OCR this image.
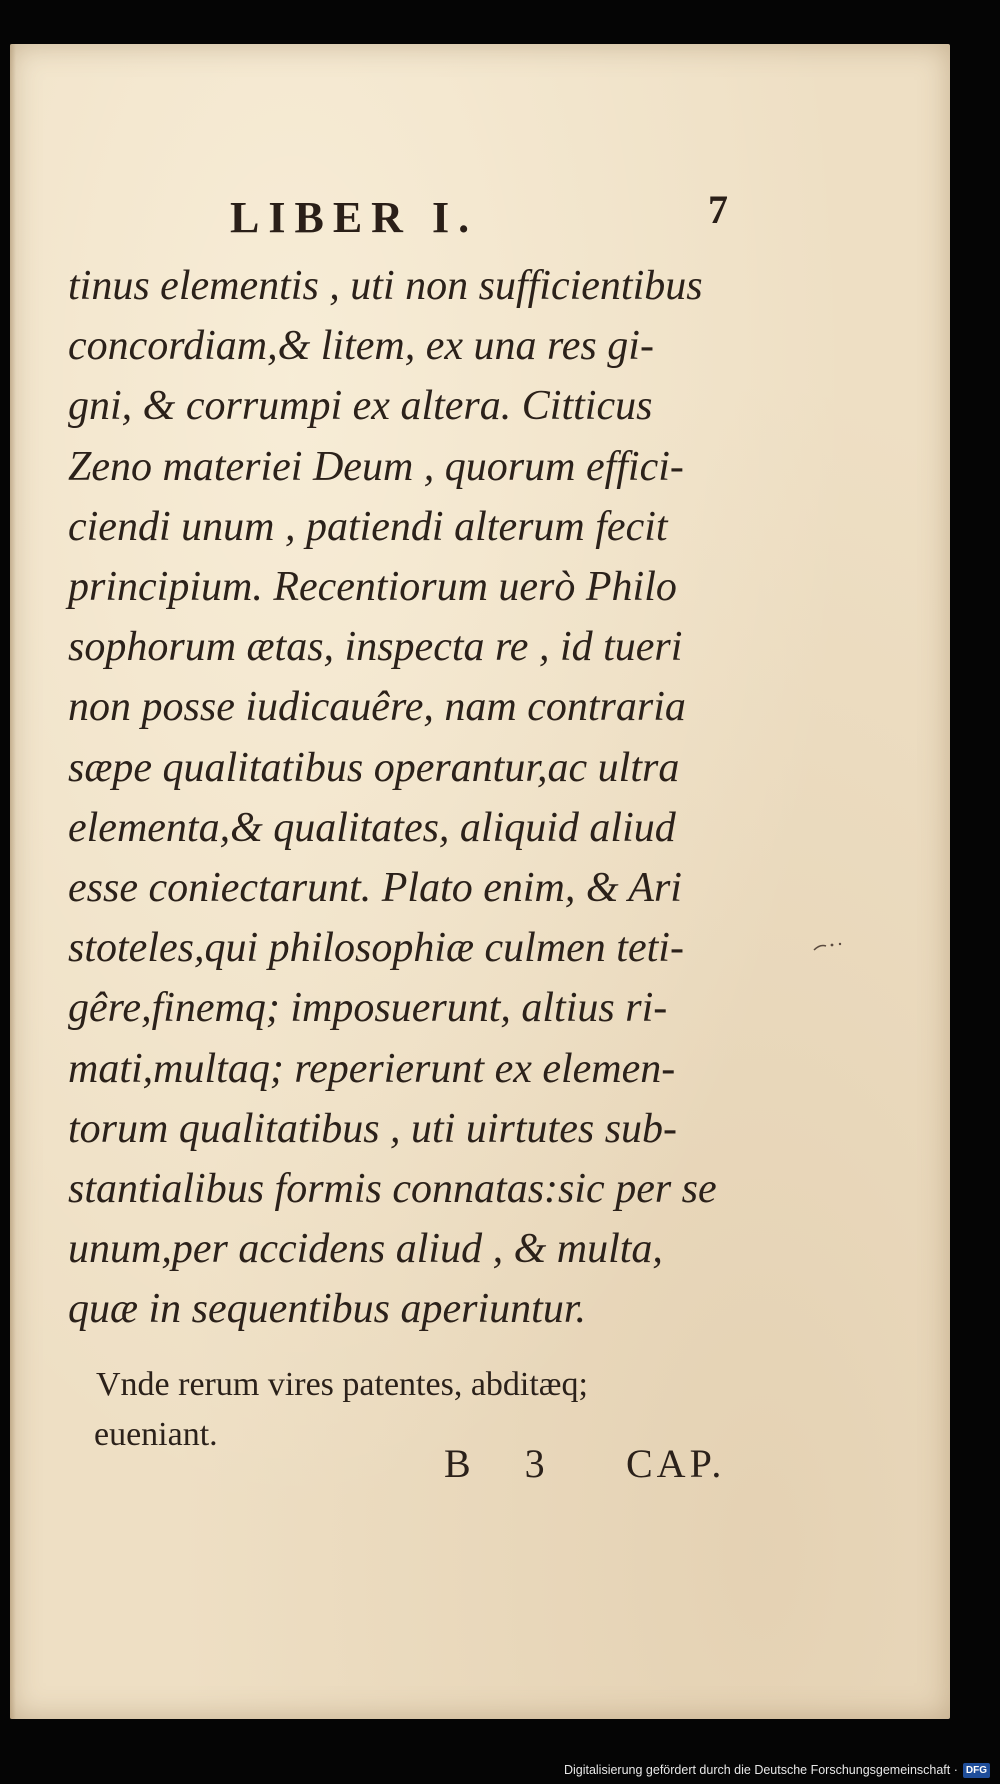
LIBER I.	7
tinus elementis , uti non sufficientibus
concordiam,& litem, ex una res gi-
gni, & corrumpi ex altera. Citticus
Zeno materiei Deum , quorum effici-
ciendi unum , patiendi alterum fecit
principium. Recentiorum uerò Philo
sophorum ætas, inspecta re , id tueri
non posse iudicauêre, nam contraria
sæpe qualitatibus operantur,ac ultra
elementa,& qualitates, aliquid aliud
esse coniectarunt. Plato enim, & Ari
stoteles,qui philosophiæ culmen teti-
gêre,finemq; imposuerunt, altius ri-
mati,multaq; reperierunt ex elemen-
torum qualitatibus , uti uirtutes sub-
stantialibus formis connatas:sic per se
unum,per accidens aliud , & multa,
quæ in sequentibus aperiuntur.
Vnde rerum vires patentes, abditæq;
eueniant.
B 3 CAP.
Digitalisierung gefördert durch die Deutsche Forschungsgemeinschaft · DFG
